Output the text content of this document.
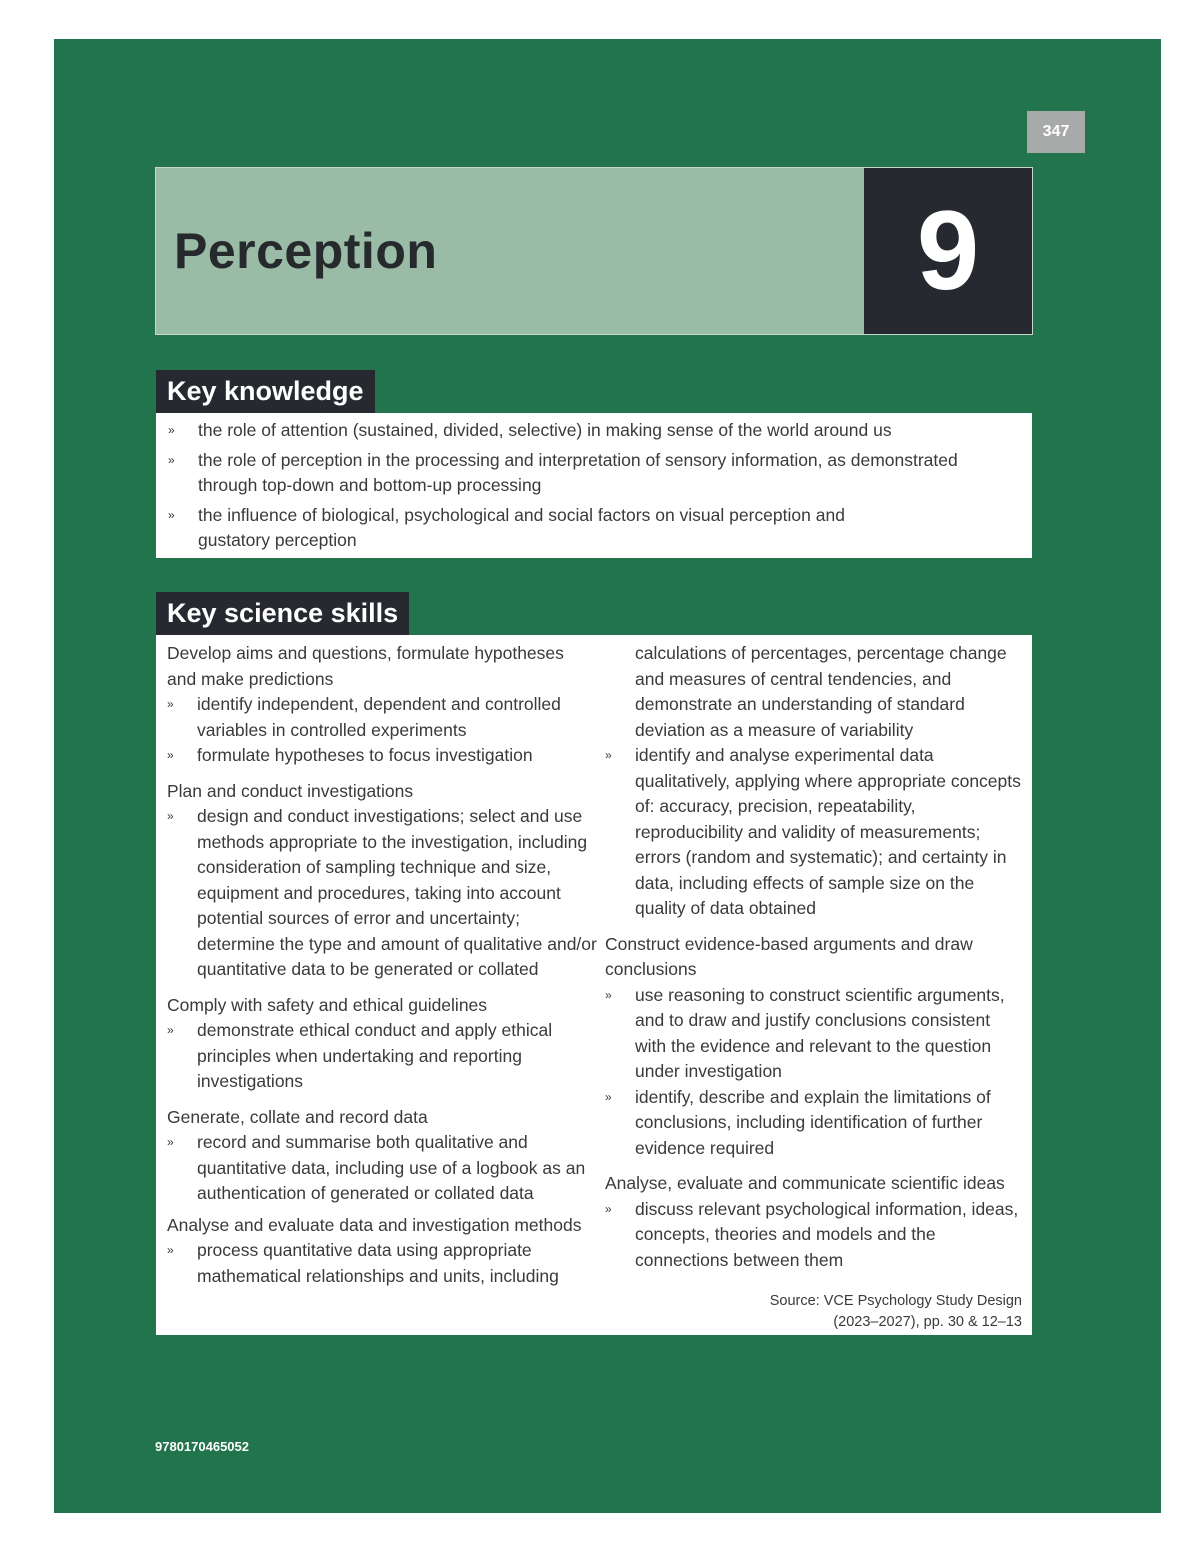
347
Perception	9
Key knowledge
» the role of attention (sustained, divided, selective) in making sense of the world around us
» the role of perception in the processing and interpretation of sensory information, as demonstrated through top-down and bottom-up processing
» the influence of biological, psychological and social factors on visual perception and gustatory perception
Key science skills
Develop aims and questions, formulate hypotheses and make predictions
» identify independent, dependent and controlled variables in controlled experiments
» formulate hypotheses to focus investigation
Plan and conduct investigations
» design and conduct investigations; select and use methods appropriate to the investigation, including consideration of sampling technique and size, equipment and procedures, taking into account potential sources of error and uncertainty; determine the type and amount of qualitative and/or quantitative data to be generated or collated
Comply with safety and ethical guidelines
» demonstrate ethical conduct and apply ethical principles when undertaking and reporting investigations
Generate, collate and record data
» record and summarise both qualitative and quantitative data, including use of a logbook as an authentication of generated or collated data
Analyse and evaluate data and investigation methods
» process quantitative data using appropriate mathematical relationships and units, including
calculations of percentages, percentage change and measures of central tendencies, and demonstrate an understanding of standard deviation as a measure of variability
» identify and analyse experimental data qualitatively, applying where appropriate concepts of: accuracy, precision, repeatability, reproducibility and validity of measurements; errors (random and systematic); and certainty in data, including effects of sample size on the quality of data obtained
Construct evidence-based arguments and draw conclusions
» use reasoning to construct scientific arguments, and to draw and justify conclusions consistent with the evidence and relevant to the question under investigation
» identify, describe and explain the limitations of conclusions, including identification of further evidence required
Analyse, evaluate and communicate scientific ideas
» discuss relevant psychological information, ideas, concepts, theories and models and the connections between them
Source: VCE Psychology Study Design
(2023–2027), pp. 30 & 12–13
9780170465052
